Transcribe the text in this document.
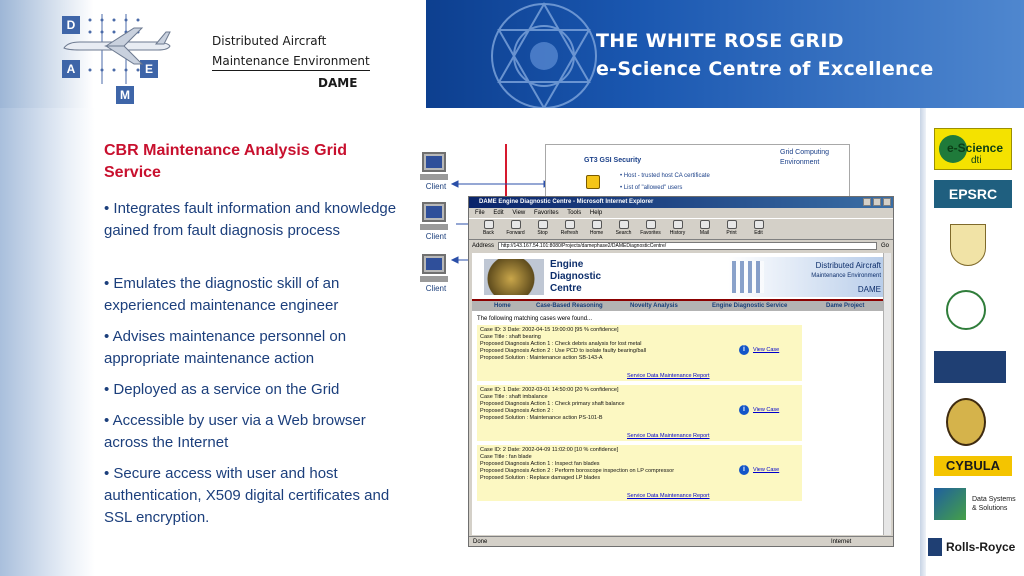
D
A	E
M
Distributed Aircraft
Maintenance Environment
DAME
THE WHITE ROSE GRID
e-Science Centre of Excellence
CBR Maintenance Analysis Grid Service
• Integrates fault information and knowledge gained from fault diagnosis process
• Emulates the diagnostic skill of an experienced maintenance engineer
• Advises maintenance personnel on appropriate maintenance action
• Deployed as a service on the Grid
• Accessible by user via a Web browser across the Internet
• Secure access with user and host authentication, X509 digital certificates and SSL encryption.
Client
Client
Client
GT3 GSI Security
• Host - trusted host CA certificate
• List of "allowed" users
Grid Computing
Environment
DAME Engine Diagnostic Centre - Microsoft Internet Explorer
File Edit View Favorites Tools Help
Back	Forward	Stop	Refresh	Home	Search	Favorites	History	Mail	Print	Edit
Address	http://143.167.54.101:8080/Projects/damephase2/DAMEDiagnosticCentre/	Go
Engine
Diagnostic
Centre
Distributed Aircraft
Maintenance Environment
DAME
Home	Case-Based Reasoning	Novelty Analysis	Engine Diagnostic Service	Dame Project
The following matching cases were found...
Case ID: 3 Date: 2002-04-15 19:00:00 [95 % confidence]
Case Title : shaft bearing
Proposed Diagnosis Action 1 : Check debris analysis for lost metal
Proposed Diagnosis Action 2 : Use PCD to isolate faulty bearing/ball
Proposed Solution : Maintenance action SB-143-A
i	View Case
Service Data Maintenance Report
Case ID: 1 Date: 2002-03-01 14:50:00 [20 % confidence]
Case Title : shaft imbalance
Proposed Diagnosis Action 1 : Check primary shaft balance
Proposed Diagnosis Action 2 :
Proposed Solution : Maintenance action PS-101-B
i	View Case
Service Data Maintenance Report
Case ID: 2 Date: 2002-04-09 11:02:00 [10 % confidence]
Case Title : fan blade
Proposed Diagnosis Action 1 : Inspect fan blades
Proposed Diagnosis Action 2 : Perform boroscope inspection on LP compressor
Proposed Solution : Replace damaged LP blades
i	View Case
Service Data Maintenance Report
Done	Internet
e-Science
dti
EPSRC
CYBULA
Data Systems
& Solutions
Rolls-Royce
